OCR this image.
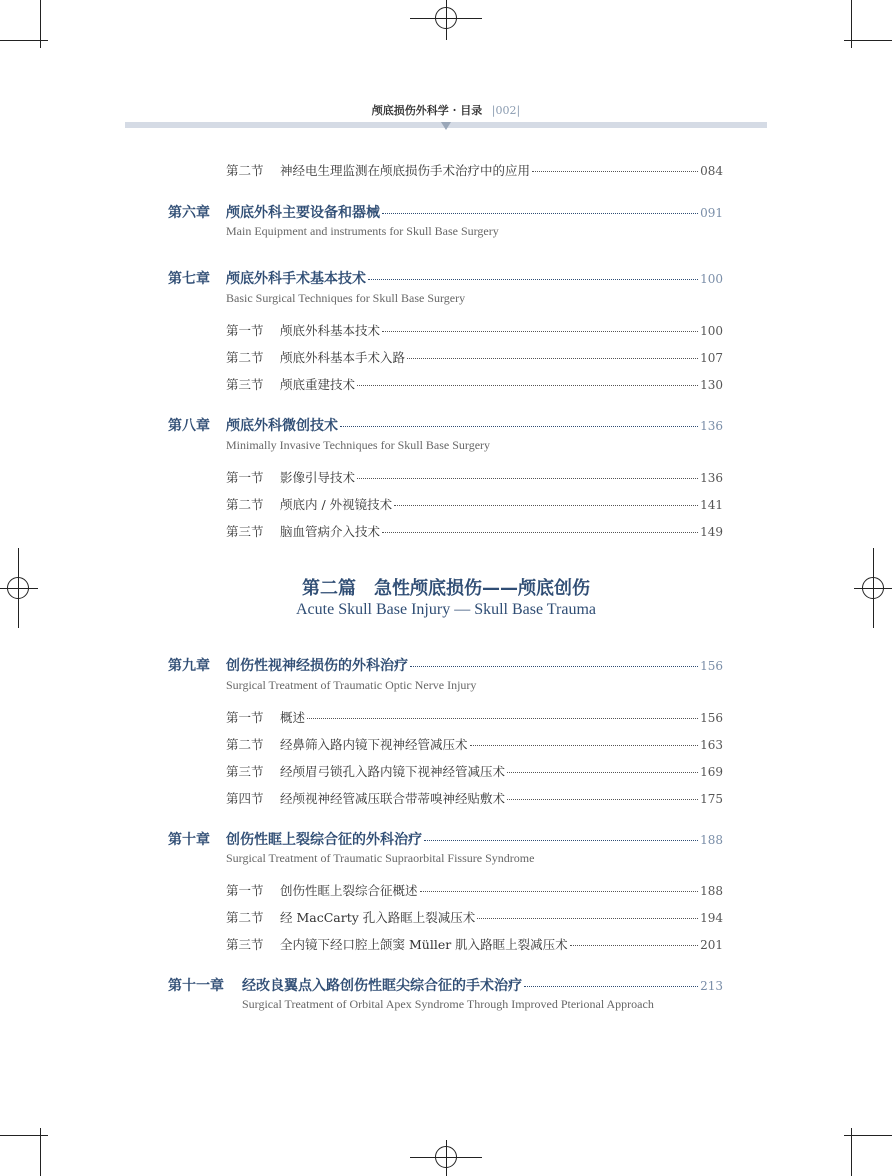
颅底损伤外科学 · 目录 |002|
第二节 神经电生理监测在颅底损伤手术治疗中的应用	084
第六章 颅底外科主要设备和器械	091
Main Equipment and instruments for Skull Base Surgery
第七章 颅底外科手术基本技术	100
Basic Surgical Techniques for Skull Base Surgery
第一节 颅底外科基本技术	100
第二节 颅底外科基本手术入路	107
第三节 颅底重建技术	130
第八章 颅底外科微创技术	136
Minimally Invasive Techniques for Skull Base Surgery
第一节 影像引导技术	136
第二节 颅底内 / 外视镜技术	141
第三节 脑血管病介入技术	149
第二篇　急性颅底损伤——颅底创伤
Acute Skull Base Injury — Skull Base Trauma
第九章 创伤性视神经损伤的外科治疗	156
Surgical Treatment of Traumatic Optic Nerve Injury
第一节 概述	156
第二节 经鼻筛入路内镜下视神经管减压术	163
第三节 经颅眉弓锁孔入路内镜下视神经管减压术	169
第四节 经颅视神经管减压联合带蒂嗅神经贴敷术	175
第十章 创伤性眶上裂综合征的外科治疗	188
Surgical Treatment of Traumatic Supraorbital Fissure Syndrome
第一节 创伤性眶上裂综合征概述	188
第二节 经 MacCarty 孔入路眶上裂减压术	194
第三节 全内镜下经口腔上颌窦 Müller 肌入路眶上裂减压术	201
第十一章 经改良翼点入路创伤性眶尖综合征的手术治疗	213
Surgical Treatment of Orbital Apex Syndrome Through Improved Pterional Approach
